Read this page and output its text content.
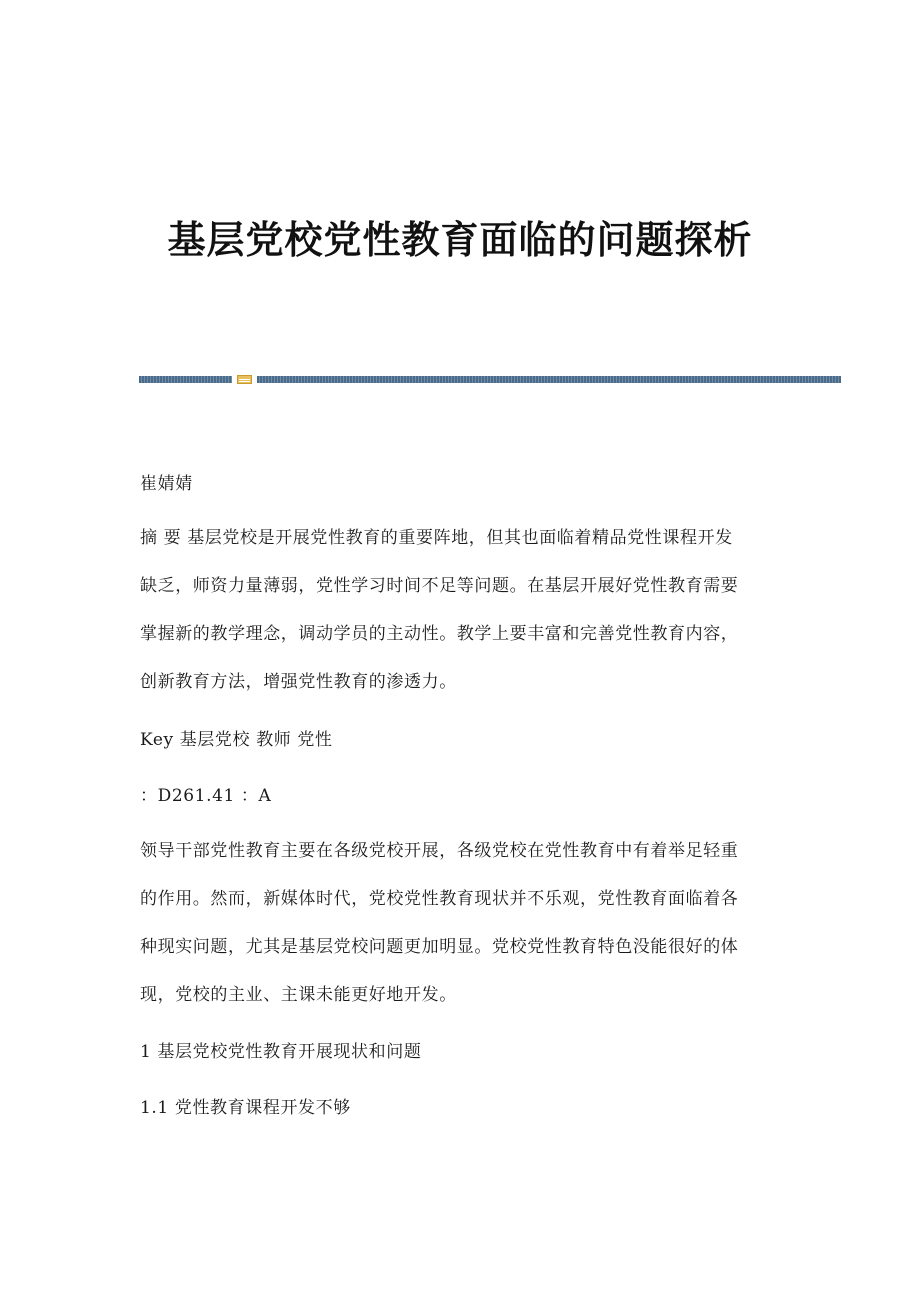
基层党校党性教育面临的问题探析
崔婧婧
摘 要 基层党校是开展党性教育的重要阵地，但其也面临着精品党性课程开发
缺乏，师资力量薄弱，党性学习时间不足等问题。在基层开展好党性教育需要
掌握新的教学理念，调动学员的主动性。教学上要丰富和完善党性教育内容，
创新教育方法，增强党性教育的渗透力。
Key 基层党校 教师 党性
：D261.41 ：A
领导干部党性教育主要在各级党校开展，各级党校在党性教育中有着举足轻重
的作用。然而，新媒体时代，党校党性教育现状并不乐观，党性教育面临着各
种现实问题，尤其是基层党校问题更加明显。党校党性教育特色没能很好的体
现，党校的主业、主课未能更好地开发。
1 基层党校党性教育开展现状和问题
1.1 党性教育课程开发不够
